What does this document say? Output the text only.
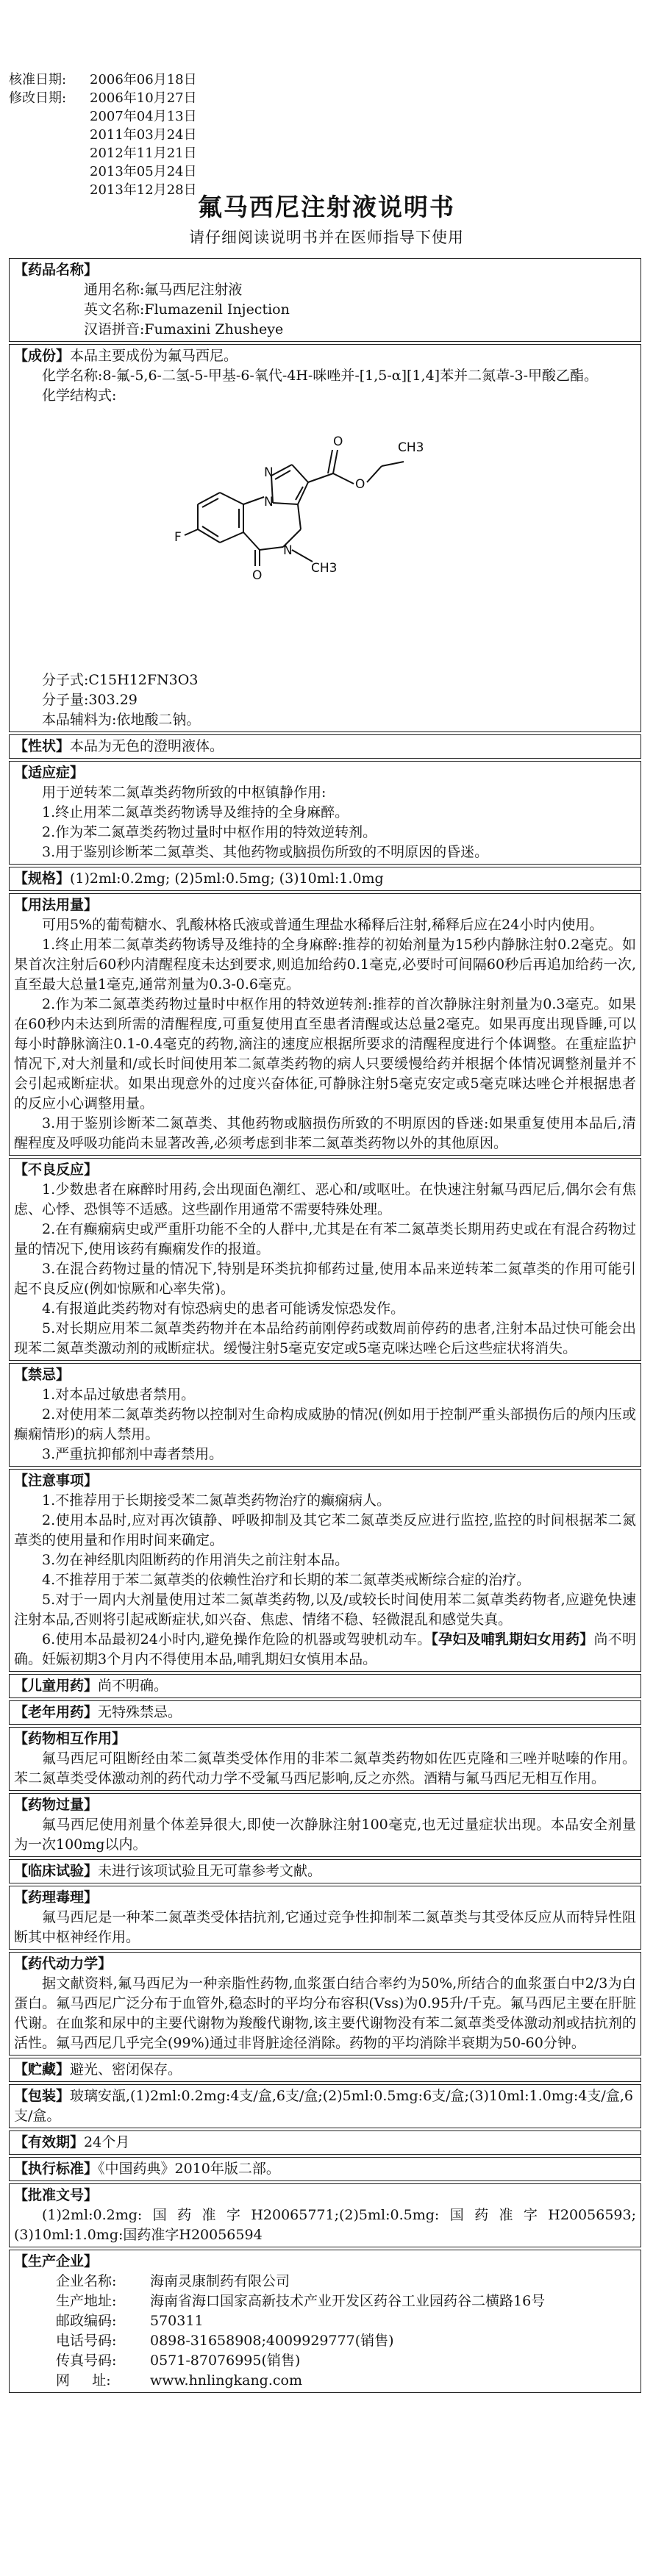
核准日期:	2006年06月18日
修改日期:	2006年10月27日
2007年04月13日
2011年03月24日
2012年11月21日
2013年05月24日
2013年12月28日
氟马西尼注射液说明书
请仔细阅读说明书并在医师指导下使用
【药品名称】
通用名称:氟马西尼注射液
英文名称:Flumazenil Injection
汉语拼音:Fumaxini Zhusheye
【成份】本品主要成份为氟马西尼。
化学名称:8-氟-5,6-二氢-5-甲基-6-氧代-4H-咪唑并-[1,5-α][1,4]苯并二氮䓬-3-甲酸乙酯。
化学结构式:
CH3
O
O
N
N
N
CH3
F
O
分子式:C15H12FN3O3
分子量:303.29
本品辅料为:依地酸二钠。
【性状】本品为无色的澄明液体。
【适应症】
用于逆转苯二氮䓬类药物所致的中枢镇静作用:
1.终止用苯二氮䓬类药物诱导及维持的全身麻醉。
2.作为苯二氮䓬类药物过量时中枢作用的特效逆转剂。
3.用于鉴别诊断苯二氮䓬类、其他药物或脑损伤所致的不明原因的昏迷。
【规格】(1)2ml:0.2mg; (2)5ml:0.5mg; (3)10ml:1.0mg
【用法用量】
可用5%的葡萄糖水、乳酸林格氏液或普通生理盐水稀释后注射,稀释后应在24小时内使用。
1.终止用苯二氮䓬类药物诱导及维持的全身麻醉:推荐的初始剂量为15秒内静脉注射0.2毫克。如果首次注射后60秒内清醒程度未达到要求,则追加给药0.1毫克,必要时可间隔60秒后再追加给药一次,直至最大总量1毫克,通常剂量为0.3-0.6毫克。
2.作为苯二氮䓬类药物过量时中枢作用的特效逆转剂:推荐的首次静脉注射剂量为0.3毫克。如果在60秒内未达到所需的清醒程度,可重复使用直至患者清醒或达总量2毫克。如果再度出现昏睡,可以每小时静脉滴注0.1-0.4毫克的药物,滴注的速度应根据所要求的清醒程度进行个体调整。在重症监护情况下,对大剂量和/或长时间使用苯二氮䓬类药物的病人只要缓慢给药并根据个体情况调整剂量并不会引起戒断症状。如果出现意外的过度兴奋体征,可静脉注射5毫克安定或5毫克咪达唑仑并根据患者的反应小心调整用量。
3.用于鉴别诊断苯二氮䓬类、其他药物或脑损伤所致的不明原因的昏迷:如果重复使用本品后,清醒程度及呼吸功能尚未显著改善,必须考虑到非苯二氮䓬类药物以外的其他原因。
【不良反应】
1.少数患者在麻醉时用药,会出现面色潮红、恶心和/或呕吐。在快速注射氟马西尼后,偶尔会有焦虑、心悸、恐惧等不适感。这些副作用通常不需要特殊处理。
2.在有癫痫病史或严重肝功能不全的人群中,尤其是在有苯二氮䓬类长期用药史或在有混合药物过量的情况下,使用该药有癫痫发作的报道。
3.在混合药物过量的情况下,特别是环类抗抑郁药过量,使用本品来逆转苯二氮䓬类的作用可能引起不良反应(例如惊厥和心率失常)。
4.有报道此类药物对有惊恐病史的患者可能诱发惊恐发作。
5.对长期应用苯二氮䓬类药物并在本品给药前刚停药或数周前停药的患者,注射本品过快可能会出现苯二氮䓬类激动剂的戒断症状。缓慢注射5毫克安定或5毫克咪达唑仑后这些症状将消失。
【禁忌】
1.对本品过敏患者禁用。
2.对使用苯二氮䓬类药物以控制对生命构成威胁的情况(例如用于控制严重头部损伤后的颅内压或癫痫情形)的病人禁用。
3.严重抗抑郁剂中毒者禁用。
【注意事项】
1.不推荐用于长期接受苯二氮䓬类药物治疗的癫痫病人。
2.使用本品时,应对再次镇静、呼吸抑制及其它苯二氮䓬类反应进行监控,监控的时间根据苯二氮䓬类的使用量和作用时间来确定。
3.勿在神经肌肉阻断药的作用消失之前注射本品。
4.不推荐用于苯二氮䓬类的依赖性治疗和长期的苯二氮䓬类戒断综合症的治疗。
5.对于一周内大剂量使用过苯二氮䓬类药物,以及/或较长时间使用苯二氮䓬类药物者,应避免快速注射本品,否则将引起戒断症状,如兴奋、焦虑、情绪不稳、轻微混乱和感觉失真。
6.使用本品最初24小时内,避免操作危险的机器或驾驶机动车。【孕妇及哺乳期妇女用药】尚不明确。妊娠初期3个月内不得使用本品,哺乳期妇女慎用本品。
【儿童用药】尚不明确。
【老年用药】无特殊禁忌。
【药物相互作用】
氟马西尼可阻断经由苯二氮䓬类受体作用的非苯二氮䓬类药物如佐匹克隆和三唑并哒嗪的作用。苯二氮䓬类受体激动剂的药代动力学不受氟马西尼影响,反之亦然。酒精与氟马西尼无相互作用。
【药物过量】
氟马西尼使用剂量个体差异很大,即使一次静脉注射100毫克,也无过量症状出现。本品安全剂量为一次100mg以内。
【临床试验】未进行该项试验且无可靠参考文献。
【药理毒理】
氟马西尼是一种苯二氮䓬类受体拮抗剂,它通过竞争性抑制苯二氮䓬类与其受体反应从而特异性阻断其中枢神经作用。
【药代动力学】
据文献资料,氟马西尼为一种亲脂性药物,血浆蛋白结合率约为50%,所结合的血浆蛋白中2/3为白蛋白。氟马西尼广泛分布于血管外,稳态时的平均分布容积(Vss)为0.95升/千克。氟马西尼主要在肝脏代谢。在血浆和尿中的主要代谢物为羧酸代谢物,该主要代谢物没有苯二氮䓬类受体激动剂或拮抗剂的活性。氟马西尼几乎完全(99%)通过非肾脏途径消除。药物的平均消除半衰期为50-60分钟。
【贮藏】避光、密闭保存。
【包装】玻璃安瓿,(1)2ml:0.2mg:4支/盒,6支/盒;(2)5ml:0.5mg:6支/盒;(3)10ml:1.0mg:4支/盒,6支/盒。
【有效期】24个月
【执行标准】《中国药典》2010年版二部。
【批准文号】
(1)2ml:0.2mg:国药准字H20065771;(2)5ml:0.5mg:国药准字H20056593;(3)10ml:1.0mg:国药准字H20056594
【生产企业】
企业名称:	海南灵康制药有限公司
生产地址:	海南省海口国家高新技术产业开发区药谷工业园药谷二横路16号
邮政编码:	570311
电话号码:	0898-31658908;4009929777(销售)
传真号码:	0571-87076995(销售)
网     址:	www.hnlingkang.com
